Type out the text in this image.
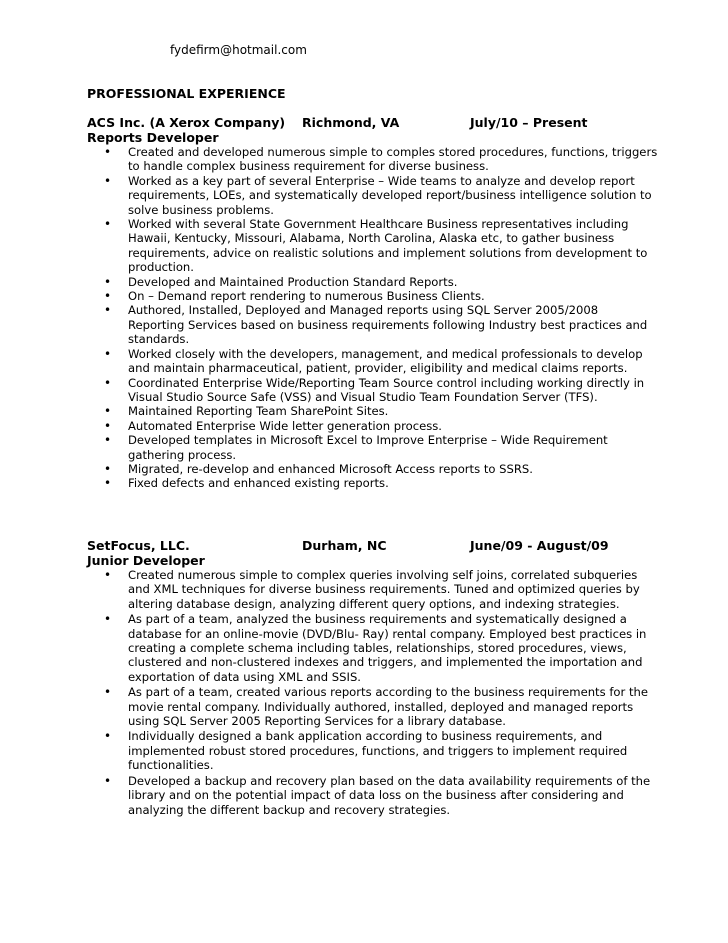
fydefirm@hotmail.com
PROFESSIONAL EXPERIENCE
ACS Inc. (A Xerox Company) Richmond, VA	July/10 – Present
Reports Developer
• Created and developed numerous simple to comples stored procedures, functions, triggers to handle complex business requirement for diverse business.
• Worked as a key part of several Enterprise – Wide teams to analyze and develop report requirements, LOEs, and systematically developed report/business intelligence solution to solve business problems.
• Worked with several State Government Healthcare Business representatives including Hawaii, Kentucky, Missouri, Alabama, North Carolina, Alaska etc, to gather business requirements, advice on realistic solutions and implement solutions from development to production.
• Developed and Maintained Production Standard Reports.
• On – Demand report rendering to numerous Business Clients.
• Authored, Installed, Deployed and Managed reports using SQL Server 2005/2008 Reporting Services based on business requirements following Industry best practices and standards.
• Worked closely with the developers, management, and medical professionals to develop and maintain pharmaceutical, patient, provider, eligibility and medical claims reports.
• Coordinated Enterprise Wide/Reporting Team Source control including working directly in Visual Studio Source Safe (VSS) and Visual Studio Team Foundation Server (TFS).
• Maintained Reporting Team SharePoint Sites.
• Automated Enterprise Wide letter generation process.
• Developed templates in Microsoft Excel to Improve Enterprise – Wide Requirement gathering process.
• Migrated, re-develop and enhanced Microsoft Access reports to SSRS.
• Fixed defects and enhanced existing reports.
SetFocus, LLC.	Durham, NC	June/09 - August/09
Junior Developer
• Created numerous simple to complex queries involving self joins, correlated subqueries and XML techniques for diverse business requirements. Tuned and optimized queries by altering database design, analyzing different query options, and indexing strategies.
• As part of a team, analyzed the business requirements and systematically designed a database for an online-movie (DVD/Blu- Ray) rental company. Employed best practices in creating a complete schema including tables, relationships, stored procedures, views, clustered and non-clustered indexes and triggers, and implemented the importation and exportation of data using XML and SSIS.
• As part of a team, created various reports according to the business requirements for the movie rental company. Individually authored, installed, deployed and managed reports using SQL Server 2005 Reporting Services for a library database.
• Individually designed a bank application according to business requirements, and implemented robust stored procedures, functions, and triggers to implement required functionalities.
• Developed a backup and recovery plan based on the data availability requirements of the library and on the potential impact of data loss on the business after considering and analyzing the different backup and recovery strategies.
